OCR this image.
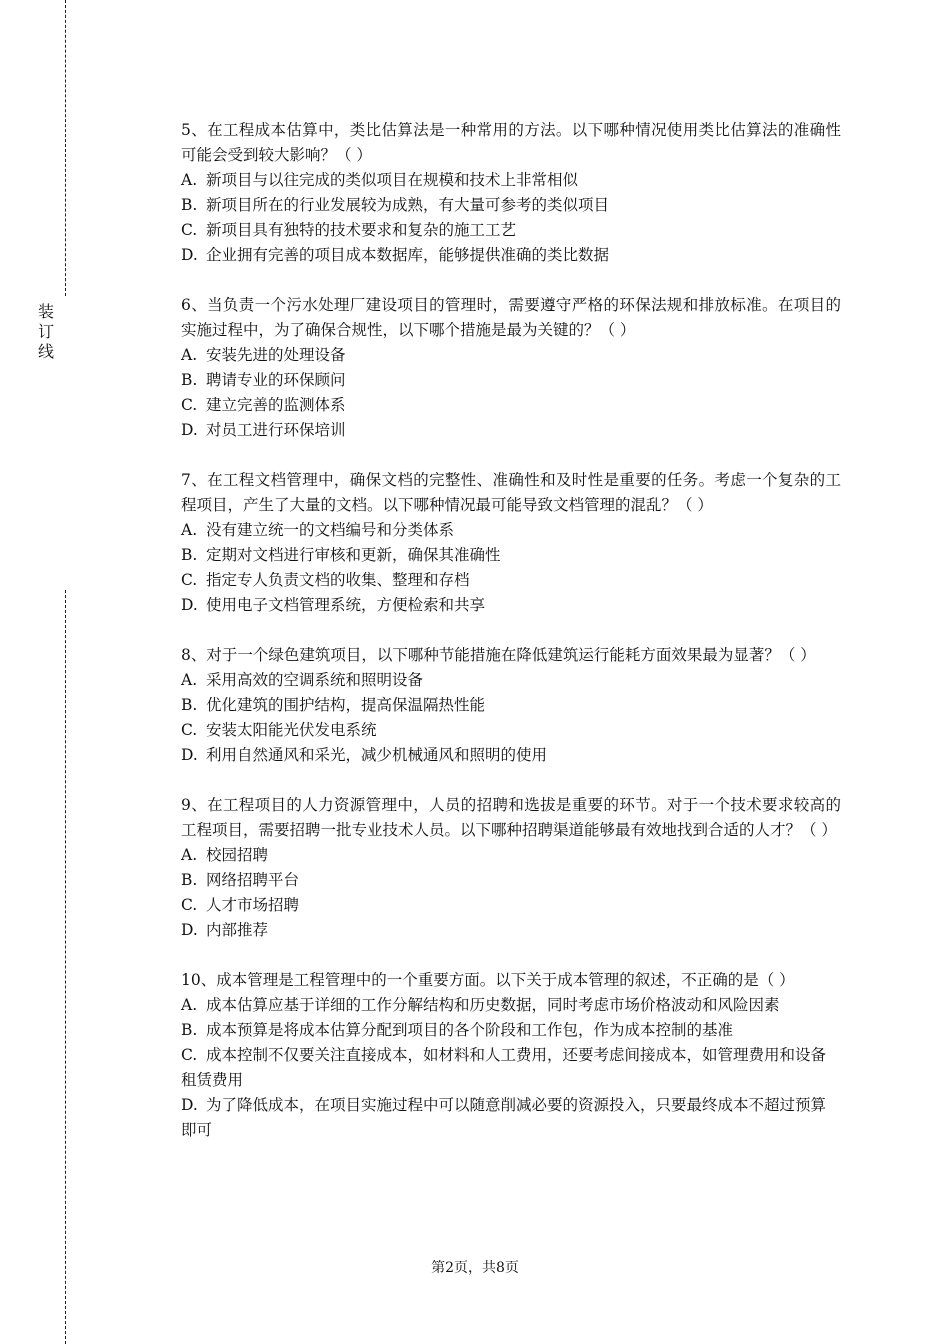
装
订
线

5、在工程成本估算中，类比估算法是一种常用的方法。以下哪种情况使用类比估算法的准确性可能会受到较大影响？（ ）

A. 新项目与以往完成的类似项目在规模和技术上非常相似

B. 新项目所在的行业发展较为成熟，有大量可参考的类似项目

C. 新项目具有独特的技术要求和复杂的施工工艺

D. 企业拥有完善的项目成本数据库，能够提供准确的类比数据

6、当负责一个污水处理厂建设项目的管理时，需要遵守严格的环保法规和排放标准。在项目的实施过程中，为了确保合规性，以下哪个措施是最为关键的？（ ）

A. 安装先进的处理设备

B. 聘请专业的环保顾问

C. 建立完善的监测体系

D. 对员工进行环保培训

7、在工程文档管理中，确保文档的完整性、准确性和及时性是重要的任务。考虑一个复杂的工程项目，产生了大量的文档。以下哪种情况最可能导致文档管理的混乱？（ ）

A. 没有建立统一的文档编号和分类体系

B. 定期对文档进行审核和更新，确保其准确性

C. 指定专人负责文档的收集、整理和存档

D. 使用电子文档管理系统，方便检索和共享

8、对于一个绿色建筑项目，以下哪种节能措施在降低建筑运行能耗方面效果最为显著？（ ）

A. 采用高效的空调系统和照明设备

B. 优化建筑的围护结构，提高保温隔热性能

C. 安装太阳能光伏发电系统

D. 利用自然通风和采光，减少机械通风和照明的使用

9、在工程项目的人力资源管理中，人员的招聘和选拔是重要的环节。对于一个技术要求较高的工程项目，需要招聘一批专业技术人员。以下哪种招聘渠道能够最有效地找到合适的人才？（ ）

A. 校园招聘

B. 网络招聘平台

C. 人才市场招聘

D. 内部推荐

10、成本管理是工程管理中的一个重要方面。以下关于成本管理的叙述，不正确的是（ ）

A. 成本估算应基于详细的工作分解结构和历史数据，同时考虑市场价格波动和风险因素

B. 成本预算是将成本估算分配到项目的各个阶段和工作包，作为成本控制的基准

C. 成本控制不仅要关注直接成本，如材料和人工费用，还要考虑间接成本，如管理费用和设备租赁费用

D. 为了降低成本，在项目实施过程中可以随意削减必要的资源投入，只要最终成本不超过预算即可

第2页，共8页
